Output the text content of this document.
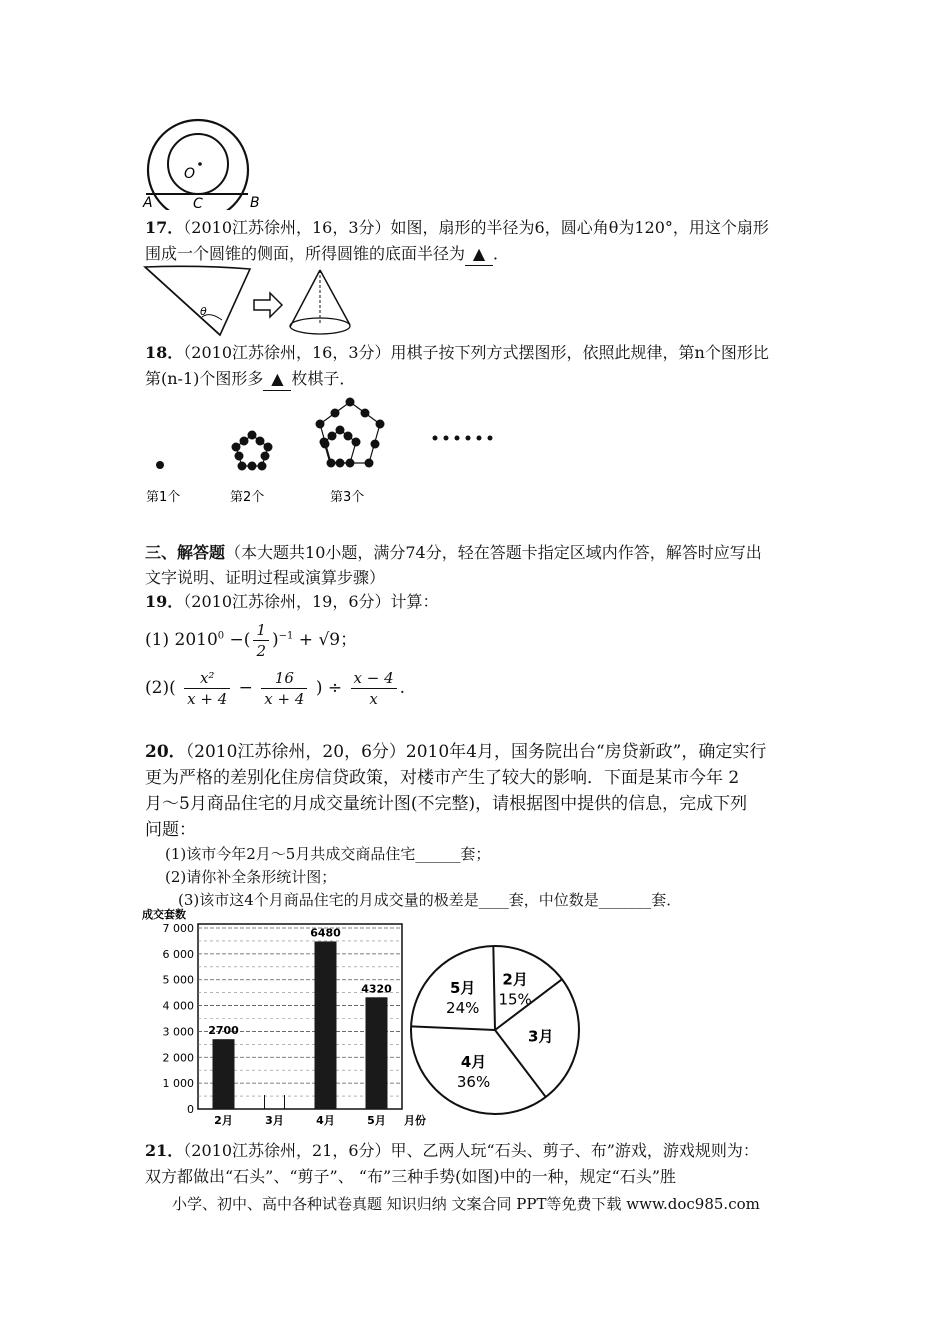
O
A	C	B
17．（2010江苏徐州，16，3分）如图，扇形的半径为6，圆心角θ为120°，用这个扇形
围成一个圆锥的侧面，所得圆锥的底面半径为 ▲ ．
θ
18．（2010江苏徐州，16，3分）用棋子按下列方式摆图形，依照此规律，第n个图形比
第(n-1)个图形多 ▲ 枚棋子．
第1个	第2个	第3个
三、解答题（本大题共10小题，满分74分，轻在答题卡指定区域内作答，解答时应写出
文字说明、证明过程或演算步骤）
19．（2010江苏徐州，19，6分）计算：
(1) $2010^0$ −( $\frac{1}{2} )^{-1} + √9$；
$(2)( \frac{\text{x²}}{x + 4} - \frac{16}{x + 4}$ ) ÷ $\frac{x - 4}{x}$ .
20．（2010江苏徐州，20，6分）2010年4月，国务院出台“房贷新政”，确定实行
更为严格的差别化住房信贷政策，对楼市产生了较大的影响．下面是某市今年 2
月～5月商品住宅的月成交量统计图(不完整)，请根据图中提供的信息，完成下列
问题：
(1)该市今年2月～5月共成交商品住宅______套；
(2)请你补全条形统计图；
(3)该市这4个月商品住宅的月成交量的极差是____套，中位数是_______套．
成交套数
0
1 000
2 000
3 000
4 000
5 000
6 000
7 000
2700
2月	3月
6480
4月
4320
5月 月份
2月
15%
3月
4月
36%
5月
24%
21．（2010江苏徐州，21，6分）甲、乙两人玩“石头、剪子、布”游戏，游戏规则为：
双方都做出“石头”、“剪子”、 “布”三种手势(如图)中的一种，规定“石头”胜
小学、初中、高中各种试卷真题 知识归纳 文案合同 PPT等免费下载 www.doc985.com
